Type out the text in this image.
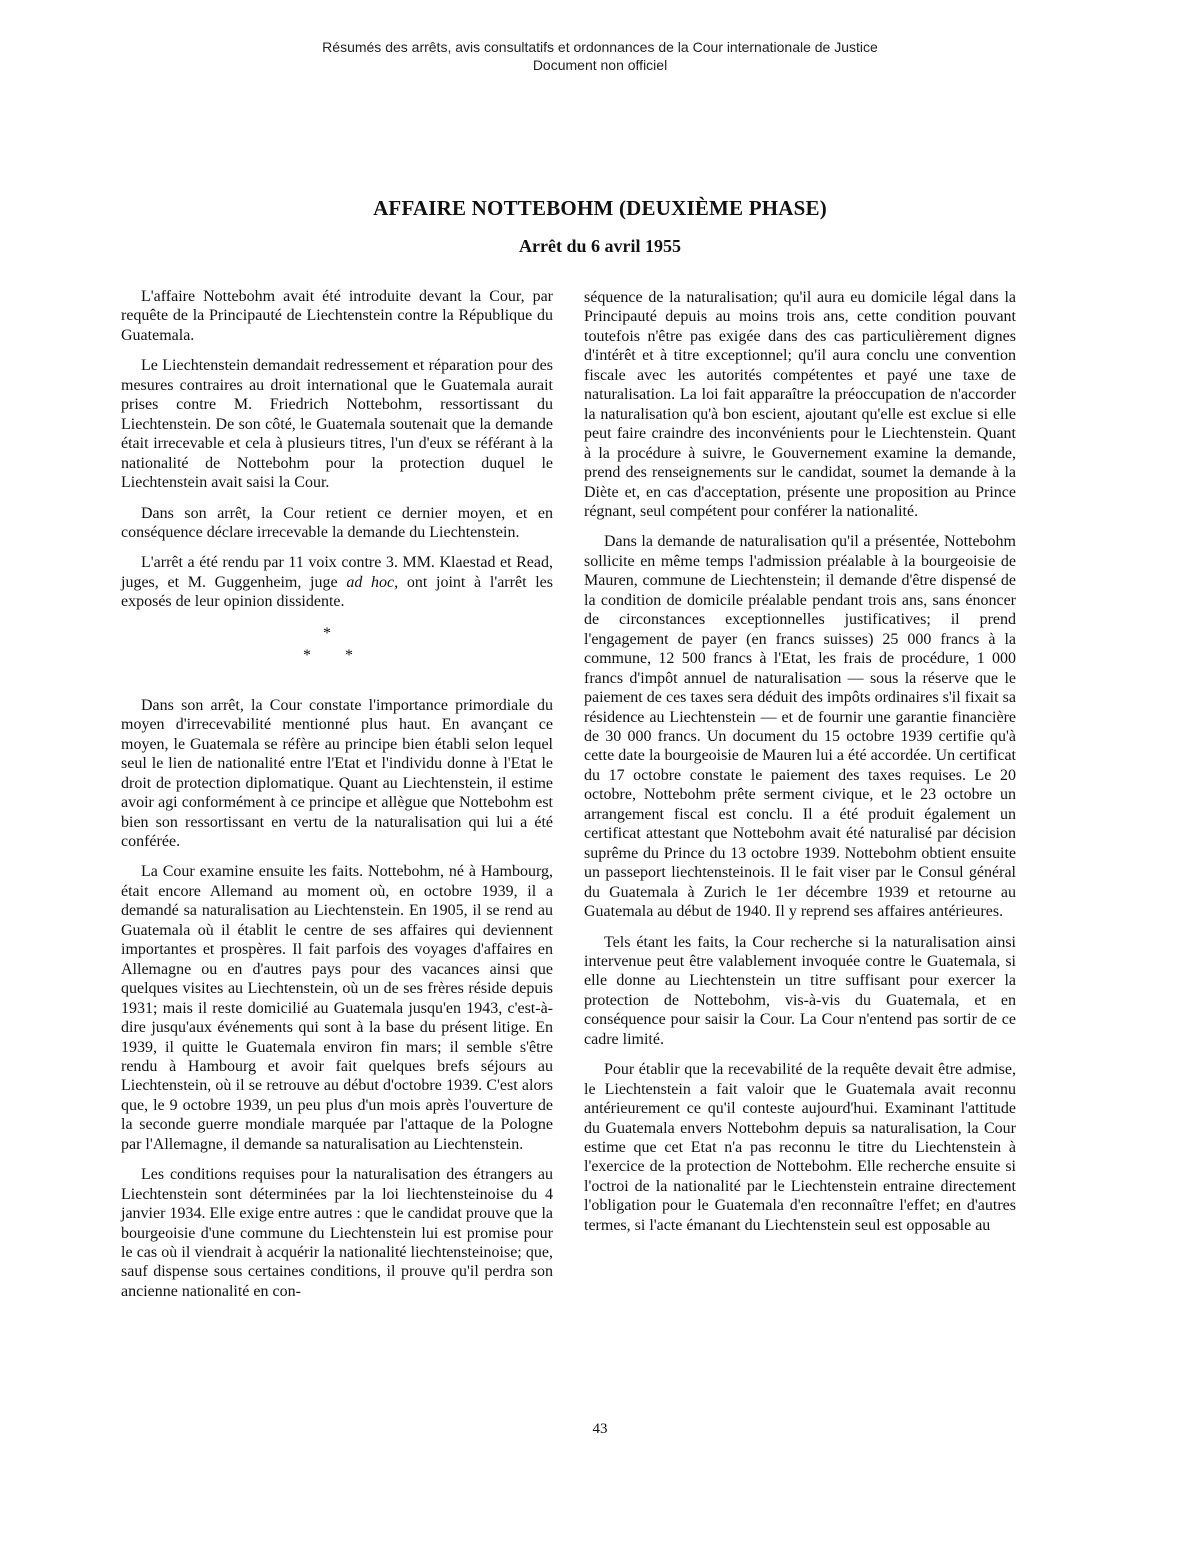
Résumés des arrêts, avis consultatifs et ordonnances de la Cour internationale de Justice
Document non officiel
AFFAIRE NOTTEBOHM (DEUXIÈME PHASE)
Arrêt du 6 avril 1955

L'affaire Nottebohm avait été introduite devant la Cour, par requête de la Principauté de Liechtenstein contre la République du Guatemala.

Le Liechtenstein demandait redressement et réparation pour des mesures contraires au droit international que le Guatemala aurait prises contre M. Friedrich Nottebohm, ressortissant du Liechtenstein. De son côté, le Guatemala soutenait que la demande était irrecevable et cela à plusieurs titres, l'un d'eux se référant à la nationalité de Nottebohm pour la protection duquel le Liechtenstein avait saisi la Cour.

Dans son arrêt, la Cour retient ce dernier moyen, et en conséquence déclare irrecevable la demande du Liechtenstein.

L'arrêt a été rendu par 11 voix contre 3. MM. Klaestad et Read, juges, et M. Guggenheim, juge ad hoc, ont joint à l'arrêt les exposés de leur opinion dissidente.

*
* *

Dans son arrêt, la Cour constate l'importance primordiale du moyen d'irrecevabilité mentionné plus haut. En avançant ce moyen, le Guatemala se réfère au principe bien établi selon lequel seul le lien de nationalité entre l'Etat et l'individu donne à l'Etat le droit de protection diplomatique. Quant au Liechtenstein, il estime avoir agi conformément à ce principe et allègue que Nottebohm est bien son ressortissant en vertu de la naturalisation qui lui a été conférée.

La Cour examine ensuite les faits. Nottebohm, né à Hambourg, était encore Allemand au moment où, en octobre 1939, il a demandé sa naturalisation au Liechtenstein. En 1905, il se rend au Guatemala où il établit le centre de ses affaires qui deviennent importantes et prospères. Il fait parfois des voyages d'affaires en Allemagne ou en d'autres pays pour des vacances ainsi que quelques visites au Liechtenstein, où un de ses frères réside depuis 1931; mais il reste domicilié au Guatemala jusqu'en 1943, c'est-à-dire jusqu'aux événements qui sont à la base du présent litige. En 1939, il quitte le Guatemala environ fin mars; il semble s'être rendu à Hambourg et avoir fait quelques brefs séjours au Liechtenstein, où il se retrouve au début d'octobre 1939. C'est alors que, le 9 octobre 1939, un peu plus d'un mois après l'ouverture de la seconde guerre mondiale marquée par l'attaque de la Pologne par l'Allemagne, il demande sa naturalisation au Liechtenstein.

Les conditions requises pour la naturalisation des étrangers au Liechtenstein sont déterminées par la loi liechtensteinoise du 4 janvier 1934. Elle exige entre autres : que le candidat prouve que la bourgeoisie d'une commune du Liechtenstein lui est promise pour le cas où il viendrait à acquérir la nationalité liechtensteinoise; que, sauf dispense sous certaines conditions, il prouve qu'il perdra son ancienne nationalité en con-

séquence de la naturalisation; qu'il aura eu domicile légal dans la Principauté depuis au moins trois ans, cette condition pouvant toutefois n'être pas exigée dans des cas particulièrement dignes d'intérêt et à titre exceptionnel; qu'il aura conclu une convention fiscale avec les autorités compétentes et payé une taxe de naturalisation. La loi fait apparaître la préoccupation de n'accorder la naturalisation qu'à bon escient, ajoutant qu'elle est exclue si elle peut faire craindre des inconvénients pour le Liechtenstein. Quant à la procédure à suivre, le Gouvernement examine la demande, prend des renseignements sur le candidat, soumet la demande à la Diète et, en cas d'acceptation, présente une proposition au Prince régnant, seul compétent pour conférer la nationalité.

Dans la demande de naturalisation qu'il a présentée, Nottebohm sollicite en même temps l'admission préalable à la bourgeoisie de Mauren, commune de Liechtenstein; il demande d'être dispensé de la condition de domicile préalable pendant trois ans, sans énoncer de circonstances exceptionnelles justificatives; il prend l'engagement de payer (en francs suisses) 25 000 francs à la commune, 12 500 francs à l'Etat, les frais de procédure, 1 000 francs d'impôt annuel de naturalisation — sous la réserve que le paiement de ces taxes sera déduit des impôts ordinaires s'il fixait sa résidence au Liechtenstein — et de fournir une garantie financière de 30 000 francs. Un document du 15 octobre 1939 certifie qu'à cette date la bourgeoisie de Mauren lui a été accordée. Un certificat du 17 octobre constate le paiement des taxes requises. Le 20 octobre, Nottebohm prête serment civique, et le 23 octobre un arrangement fiscal est conclu. Il a été produit également un certificat attestant que Nottebohm avait été naturalisé par décision suprême du Prince du 13 octobre 1939. Nottebohm obtient ensuite un passeport liechtensteinois. Il le fait viser par le Consul général du Guatemala à Zurich le 1er décembre 1939 et retourne au Guatemala au début de 1940. Il y reprend ses affaires antérieures.

Tels étant les faits, la Cour recherche si la naturalisation ainsi intervenue peut être valablement invoquée contre le Guatemala, si elle donne au Liechtenstein un titre suffisant pour exercer la protection de Nottebohm, vis-à-vis du Guatemala, et en conséquence pour saisir la Cour. La Cour n'entend pas sortir de ce cadre limité.

Pour établir que la recevabilité de la requête devait être admise, le Liechtenstein a fait valoir que le Guatemala avait reconnu antérieurement ce qu'il conteste aujourd'hui. Examinant l'attitude du Guatemala envers Nottebohm depuis sa naturalisation, la Cour estime que cet Etat n'a pas reconnu le titre du Liechtenstein à l'exercice de la protection de Nottebohm. Elle recherche ensuite si l'octroi de la nationalité par le Liechtenstein entraine directement l'obligation pour le Guatemala d'en reconnaître l'effet; en d'autres termes, si l'acte émanant du Liechtenstein seul est opposable au

43
